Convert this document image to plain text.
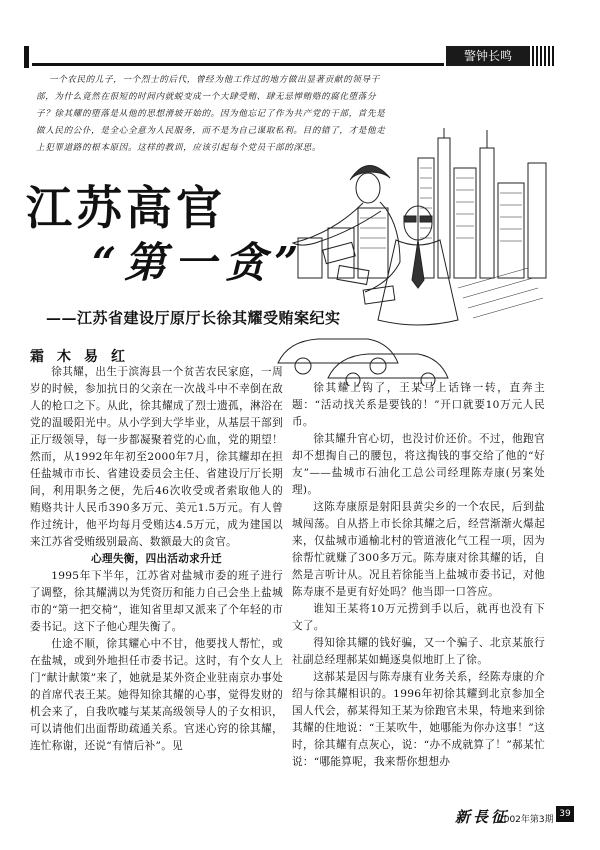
警钟长鸣

一个农民的儿子，一个烈士的后代，曾经为他工作过的地方做出显著贡献的领导干部，为什么竟然在很短的时间内就蜕变成一个大肆受贿、肆无忌惮贿赂的腐化堕落分子？徐其耀的堕落是从他的思想滑坡开始的。因为他忘记了作为共产党的干部，首先是做人民的公仆，是全心全意为人民服务，而不是为自己谋取私利。目的错了，才是他走上犯罪道路的根本原因。这样的教训，应该引起每个党员干部的深思。

江苏高官
“第一贪”
——江苏省建设厅原厅长徐其耀受贿案纪实
霜木易红

徐其耀，出生于滨海县一个贫苦农民家庭，一周岁的时候，参加抗日的父亲在一次战斗中不幸倒在敌人的枪口之下。从此，徐其耀成了烈士遗孤，淋浴在党的温暖阳光中。从小学到大学毕业，从基层干部到正厅级领导，每一步都凝聚着党的心血，党的期望！然而，从1992年年初至2000年7月，徐其耀却在担任盐城市市长、省建设委员会主任、省建设厅厅长期间，利用职务之便，先后46次收受或者索取他人的贿赂共计人民币390多万元、美元1.5万元。有人曾作过统计，他平均每月受贿达4.5万元，成为建国以来江苏省受贿级别最高、数额最大的贪官。

心理失衡，四出活动求升迁

1995年下半年，江苏省对盐城市委的班子进行了调整，徐其耀满以为凭资历和能力自己会坐上盐城市的“第一把交椅”，谁知省里却又派来了个年轻的市委书记。这下子他心理失衡了。

仕途不顺，徐其耀心中不甘，他要找人帮忙，或在盐城，或到外地担任市委书记。这时，有个女人上门“献计献策”来了，她就是某外资企业驻南京办事处的首席代表王某。她得知徐其耀的心事，觉得发财的机会来了，自我吹嘘与某某高级领导人的子女相识，可以请他们出面帮助疏通关系。官迷心窍的徐其耀，连忙称谢，还说“有情后补”。见

徐其耀上钩了，王某马上话锋一转，直奔主题：“活动找关系是要钱的！”开口就要10万元人民币。

徐其耀升官心切，也没讨价还价。不过，他跑官却不想掏自己的腰包，将这掏钱的事交给了他的“好友”——盐城市石油化工总公司经理陈寿康(另案处理)。

这陈寿康原是射阳县黄尖乡的一个农民，后到盐城闯荡。自从搭上市长徐其耀之后，经营渐渐火爆起来，仅盐城市通榆北村的管道液化气工程一项，因为徐帮忙就赚了300多万元。陈寿康对徐其耀的话，自然是言听计从。况且若徐能当上盐城市委书记，对他陈寿康不是更有好处吗？他当即一口答应。

谁知王某将10万元捞到手以后，就再也没有下文了。

得知徐其耀的钱好骗，又一个骗子、北京某旅行社副总经理郝某如蝇逐臭似地盯上了徐。

这郝某是因与陈寿康有业务关系，经陈寿康的介绍与徐其耀相识的。1996年初徐其耀到北京参加全国人代会，郝某得知王某为徐跑官未果，特地来到徐其耀的住地说：“王某吹牛，她哪能为你办这事！”这时，徐其耀有点灰心，说：“办不成就算了！”郝某忙说：“哪能算呢，我来帮你想想办

新長征
2002年第3期
39
